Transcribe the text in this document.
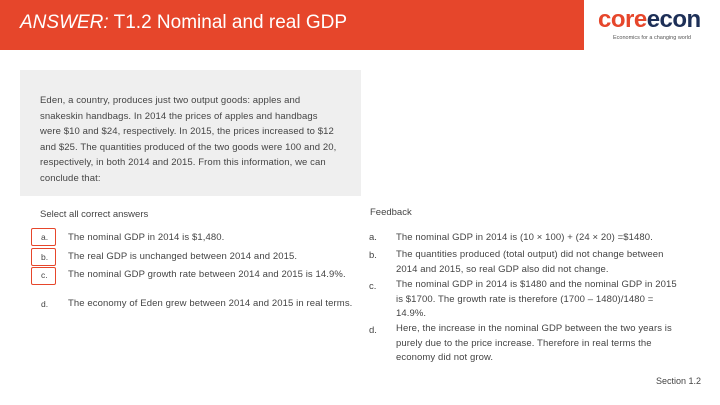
ANSWER: T1.2 Nominal and real GDP	coreecon
Economics for a changing world
Eden, a country, produces just two output goods: apples and snakeskin handbags. In 2014 the prices of apples and handbags were $10 and $24, respectively. In 2015, the prices increased to $12 and $25. The quantities produced of the two goods were 100 and 20, respectively, in both 2014 and 2015. From this information, we can conclude that:
Select all correct answers	Feedback
a. The nominal GDP in 2014 is $1,480.
b. The real GDP is unchanged between 2014 and 2015.
c. The nominal GDP growth rate between 2014 and 2015 is 14.9%.
d. The economy of Eden grew between 2014 and 2015 in real terms.
a. The nominal GDP in 2014 is (10 × 100) + (24 × 20) =$1480.
b. The quantities produced (total output) did not change between 2014 and 2015, so real GDP also did not change.
c. The nominal GDP in 2014 is $1480 and the nominal GDP in 2015 is $1700. The growth rate is therefore (1700 – 1480)/1480 = 14.9%.
d. Here, the increase in the nominal GDP between the two years is purely due to the price increase. Therefore in real terms the economy did not grow.
Section 1.2
